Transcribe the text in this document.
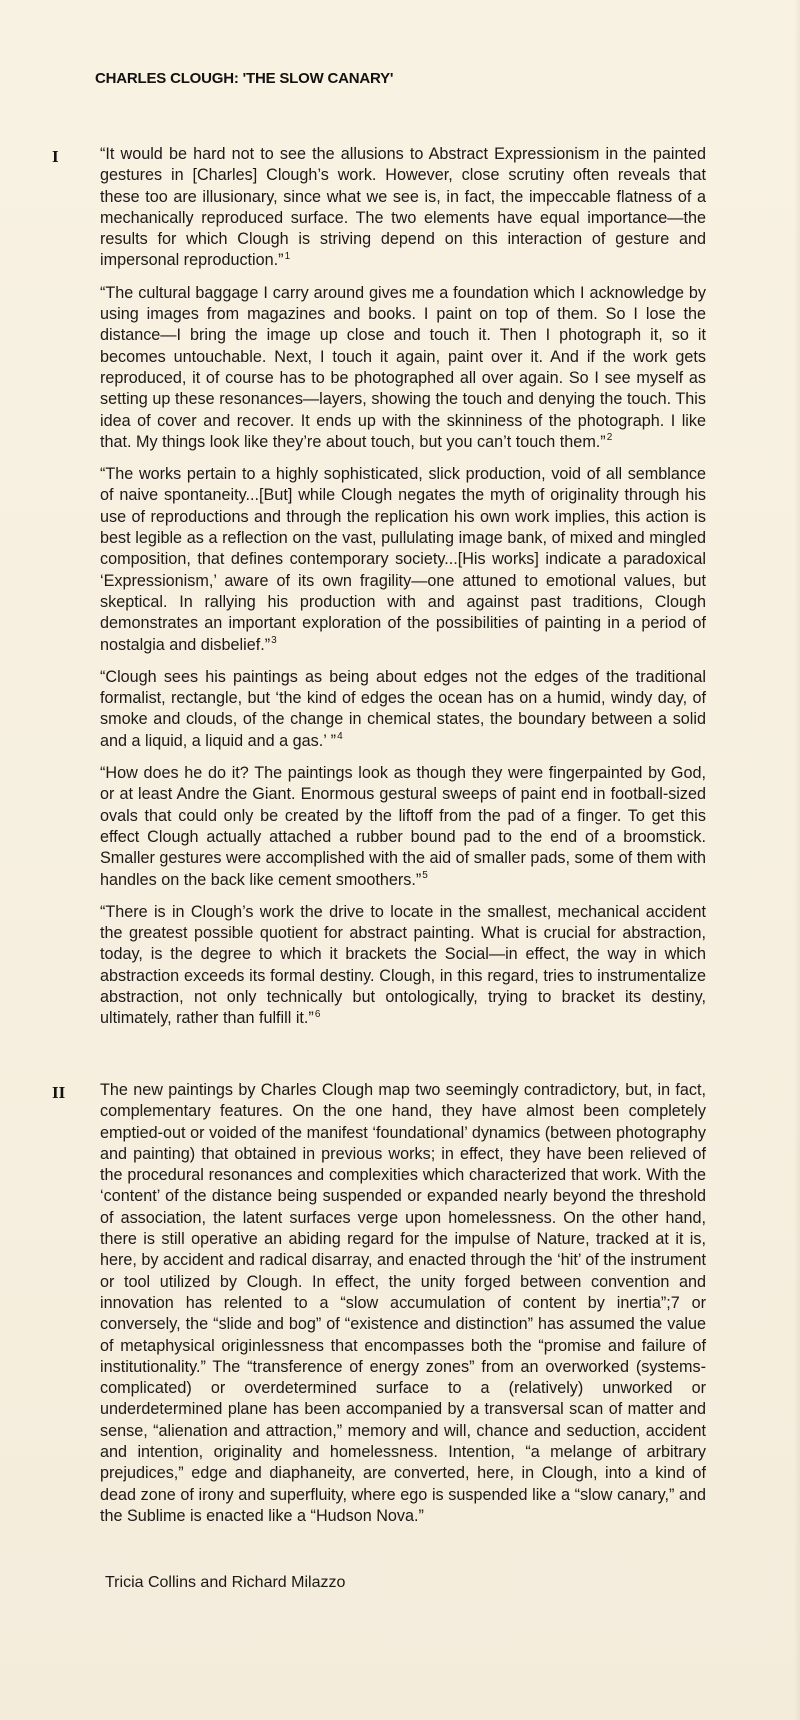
CHARLES CLOUGH: 'THE SLOW CANARY'
I	“It would be hard not to see the allusions to Abstract Expressionism in the painted gestures in [Charles] Clough’s work. However, close scrutiny often reveals that these too are illusionary, since what we see is, in fact, the impeccable flatness of a mechanically reproduced surface. The two elements have equal importance—the results for which Clough is striving depend on this interaction of gesture and impersonal reproduction.”$^1$

“The cultural baggage I carry around gives me a foundation which I acknowledge by using images from magazines and books. I paint on top of them. So I lose the distance—I bring the image up close and touch it. Then I photograph it, so it becomes untouchable. Next, I touch it again, paint over it. And if the work gets reproduced, it of course has to be photographed all over again. So I see myself as setting up these resonances—layers, showing the touch and denying the touch. This idea of cover and recover. It ends up with the skinniness of the photograph. I like that. My things look like they’re about touch, but you can’t touch them.”$^2$

“The works pertain to a highly sophisticated, slick production, void of all semblance of naive spontaneity...[But] while Clough negates the myth of originality through his use of reproductions and through the replication his own work implies, this action is best legible as a reflection on the vast, pullulating image bank, of mixed and mingled composition, that defines contemporary society...[His works] indicate a paradoxical ‘Expressionism,’ aware of its own fragility—one attuned to emotional values, but skeptical. In rallying his production with and against past traditions, Clough demonstrates an important exploration of the possibilities of painting in a period of nostalgia and disbelief.”$^3$

“Clough sees his paintings as being about edges not the edges of the traditional formalist, rectangle, but ‘the kind of edges the ocean has on a humid, windy day, of smoke and clouds, of the change in chemical states, the boundary between a solid and a liquid, a liquid and a gas.’ ”$^4$

“How does he do it? The paintings look as though they were fingerpainted by God, or at least Andre the Giant. Enormous gestural sweeps of paint end in football-sized ovals that could only be created by the liftoff from the pad of a finger. To get this effect Clough actually attached a rubber bound pad to the end of a broomstick. Smaller gestures were accomplished with the aid of smaller pads, some of them with handles on the back like cement smoothers.”$^5$

“There is in Clough’s work the drive to locate in the smallest, mechanical accident the greatest possible quotient for abstract painting. What is crucial for abstraction, today, is the degree to which it brackets the Social—in effect, the way in which abstraction exceeds its formal destiny. Clough, in this regard, tries to instrumentalize abstraction, not only technically but ontologically, trying to bracket its destiny, ultimately, rather than fulfill it.”$^6$

II The new paintings by Charles Clough map two seemingly contradictory, but, in fact, complementary features. On the one hand, they have almost been completely emptied-out or voided of the manifest ‘foundational’ dynamics (between photography and painting) that obtained in previous works; in effect, they have been relieved of the procedural resonances and complexities which characterized that work. With the ‘content’ of the distance being suspended or expanded nearly beyond the threshold of association, the latent surfaces verge upon homelessness. On the other hand, there is still operative an abiding regard for the impulse of Nature, tracked at it is, here, by accident and radical disarray, and enacted through the ‘hit’ of the instrument or tool utilized by Clough. In effect, the unity forged between convention and innovation has relented to a “slow accumulation of content by inertia”;7 or conversely, the “slide and bog” of “existence and distinction” has assumed the value of metaphysical originlessness that encompasses both the “promise and failure of institutionality.” The “transference of energy zones” from an overworked (systems-complicated) or overdetermined surface to a (relatively) unworked or underdetermined plane has been accompanied by a transversal scan of matter and sense, “alienation and attraction,” memory and will, chance and seduction, accident and intention, originality and homelessness. Intention, “a melange of arbitrary prejudices,” edge and diaphaneity, are converted, here, in Clough, into a kind of dead zone of irony and superfluity, where ego is suspended like a “slow canary,” and the Sublime is enacted like a “Hudson Nova.”

Tricia Collins and Richard Milazzo
